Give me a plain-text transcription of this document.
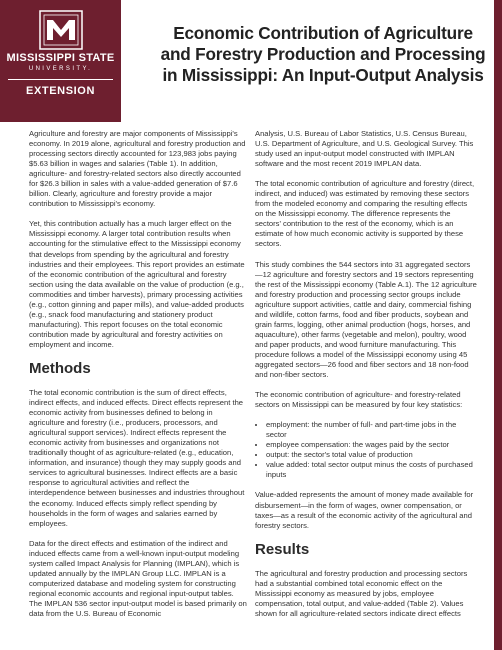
MISSISSIPPI STATE
UNIVERSITY.
EXTENSION
Economic Contribution of Agriculture and Forestry Production and Processing in Mississippi: An Input-Output Analysis

Agriculture and forestry are major components of Mississippi's economy. In 2019 alone, agricultural and forestry production and processing sectors directly accounted for 123,983 jobs paying $5.63 billion in wages and salaries (Table 1). In addition, agriculture- and forestry-related sectors also directly accounted for $26.3 billion in sales with a value-added generation of $7.6 billion. Clearly, agriculture and forestry provide a major contribution to Mississippi's economy.

Yet, this contribution actually has a much larger effect on the Mississippi economy. A larger total contribution results when accounting for the stimulative effect to the Mississippi economy that develops from spending by the agricultural and forestry industries and their employees. This report provides an estimate of the economic contribution of the agricultural and forestry section using the data available on the value of production (e.g., commodities and timber harvests), primary processing activities (e.g., cotton ginning and paper mills), and value-added products (e.g., snack food manufacturing and stationery product manufacturing). This report focuses on the total economic contribution made by agricultural and forestry activities on employment and income.

Methods

The total economic contribution is the sum of direct effects, indirect effects, and induced effects. Direct effects represent the economic activity from businesses defined to belong in agriculture and forestry (i.e., producers, processors, and agricultural support services). Indirect effects represent the economic activity from businesses and organizations not traditionally thought of as agriculture-related (e.g., education, information, and insurance) though they may supply goods and services to agricultural businesses. Indirect effects are a basic response to agricultural activities and reflect the interdependence between businesses and industries throughout the economy. Induced effects simply reflect spending by households in the form of wages and salaries earned by employees.

Data for the direct effects and estimation of the indirect and induced effects came from a well-known input-output modeling system called Impact Analysis for Planning (IMPLAN), which is updated annually by the IMPLAN Group LLC. IMPLAN is a computerized database and modeling system for constructing regional economic accounts and regional input-output tables. The IMPLAN 536 sector input-output model is based primarily on data from the U.S. Bureau of Economic

Analysis, U.S. Bureau of Labor Statistics, U.S. Census Bureau, U.S. Department of Agriculture, and U.S. Geological Survey. This study used an input-output model constructed with IMPLAN software and the most recent 2019 IMPLAN data.

The total economic contribution of agriculture and forestry (direct, indirect, and induced) was estimated by removing these sectors from the modeled economy and comparing the resulting effects on the Mississippi economy. The difference represents the sectors' contribution to the rest of the economy, which is an estimate of how much economic activity is supported by these sectors.

This study combines the 544 sectors into 31 aggregated sectors—12 agriculture and forestry sectors and 19 sectors representing the rest of the Mississippi economy (Table A.1). The 12 agriculture and forestry production and processing sector groups include agriculture support activities, cattle and dairy, commercial fishing and wildlife, cotton farms, food and fiber products, soybean and grain farms, logging, other animal production (hogs, horses, and aquaculture), other farms (vegetable and melon), poultry, wood and paper products, and wood furniture manufacturing. This procedure follows a model of the Mississippi economy using 45 aggregated sectors—26 food and fiber sectors and 18 non-food and non-fiber sectors.

The economic contribution of agriculture- and forestry-related sectors on Mississippi can be measured by four key statistics:

• employment: the number of full- and part-time jobs in the sector
• employee compensation: the wages paid by the sector
• output: the sector's total value of production
• value added: total sector output minus the costs of purchased inputs

Value-added represents the amount of money made available for disbursement—in the form of wages, owner compensation, or taxes—as a result of the economic activity of the agricultural and forestry sectors.

Results

The agricultural and forestry production and processing sectors had a substantial combined total economic effect on the Mississippi economy as measured by jobs, employee compensation, total output, and value-added (Table 2). Values shown for all agriculture-related sectors indicate direct effects
